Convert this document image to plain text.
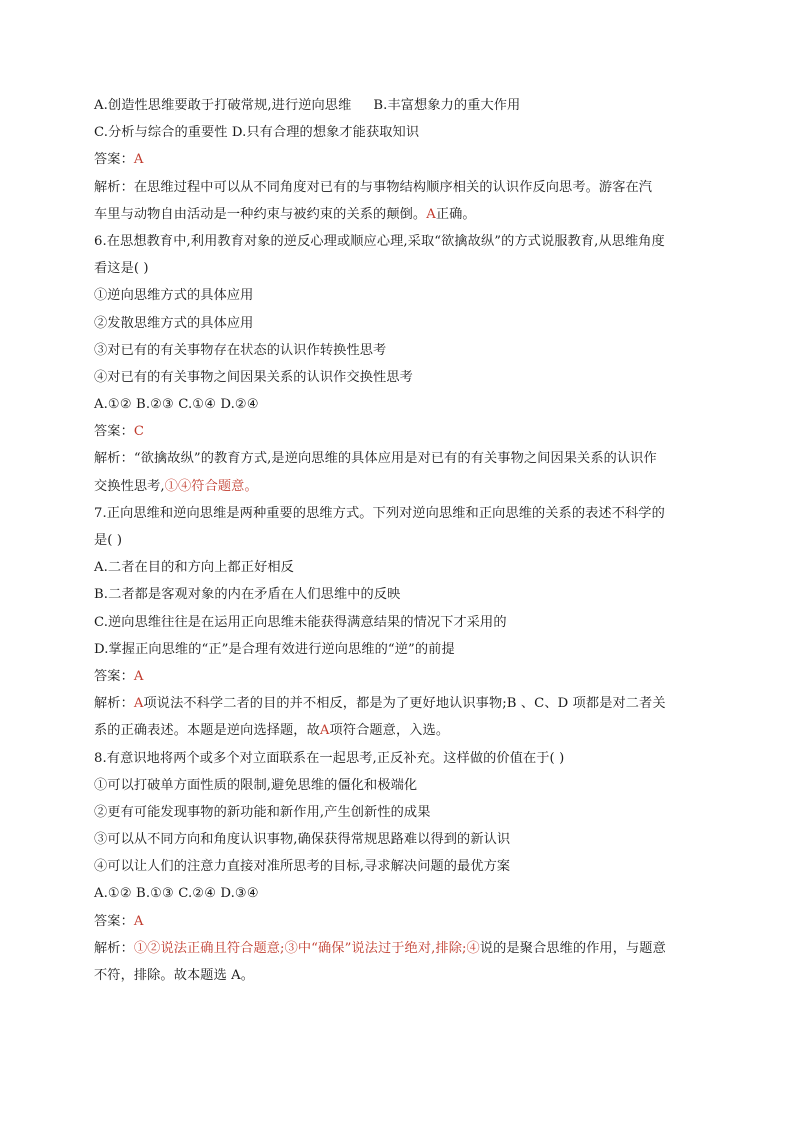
A.创造性思维要敢于打破常规,进行逆向思维 B.丰富想象力的重大作用
C.分析与综合的重要性 D.只有合理的想象才能获取知识
答案：A
解析：在思维过程中可以从不同角度对已有的与事物结构顺序相关的认识作反向思考。游客在汽
车里与动物自由活动是一种约束与被约束的关系的颠倒。A正确。
6.在思想教育中,利用教育对象的逆反心理或顺应心理,采取“欲擒故纵”的方式说服教育,从思维角度
看这是( )
①逆向思维方式的具体应用
②发散思维方式的具体应用
③对已有的有关事物存在状态的认识作转换性思考
④对已有的有关事物之间因果关系的认识作交换性思考
A.①② B.②③ C.①④ D.②④
答案：C
解析：“欲擒故纵”的教育方式,是逆向思维的具体应用是对已有的有关事物之间因果关系的认识作
交换性思考,①④符合题意。
7.正向思维和逆向思维是两种重要的思维方式。下列对逆向思维和正向思维的关系的表述不科学的
是( )
A.二者在目的和方向上都正好相反
B.二者都是客观对象的内在矛盾在人们思维中的反映
C.逆向思维往往是在运用正向思维未能获得满意结果的情况下才采用的
D.掌握正向思维的“正”是合理有效进行逆向思维的“逆”的前提
答案：A
解析：A项说法不科学二者的目的并不相反，都是为了更好地认识事物;B 、C、D 项都是对二者关
系的正确表述。本题是逆向选择题，故A项符合题意，入选。
8.有意识地将两个或多个对立面联系在一起思考,正反补充。这样做的价值在于( )
①可以打破单方面性质的限制,避免思维的僵化和极端化
②更有可能发现事物的新功能和新作用,产生创新性的成果
③可以从不同方向和角度认识事物,确保获得常规思路难以得到的新认识
④可以让人们的注意力直接对准所思考的目标,寻求解决问题的最优方案
A.①② B.①③ C.②④ D.③④
答案：A
解析：①②说法正确且符合题意;③中“确保”说法过于绝对,排除;④说的是聚合思维的作用，与题意
不符，排除。故本题选 A。
